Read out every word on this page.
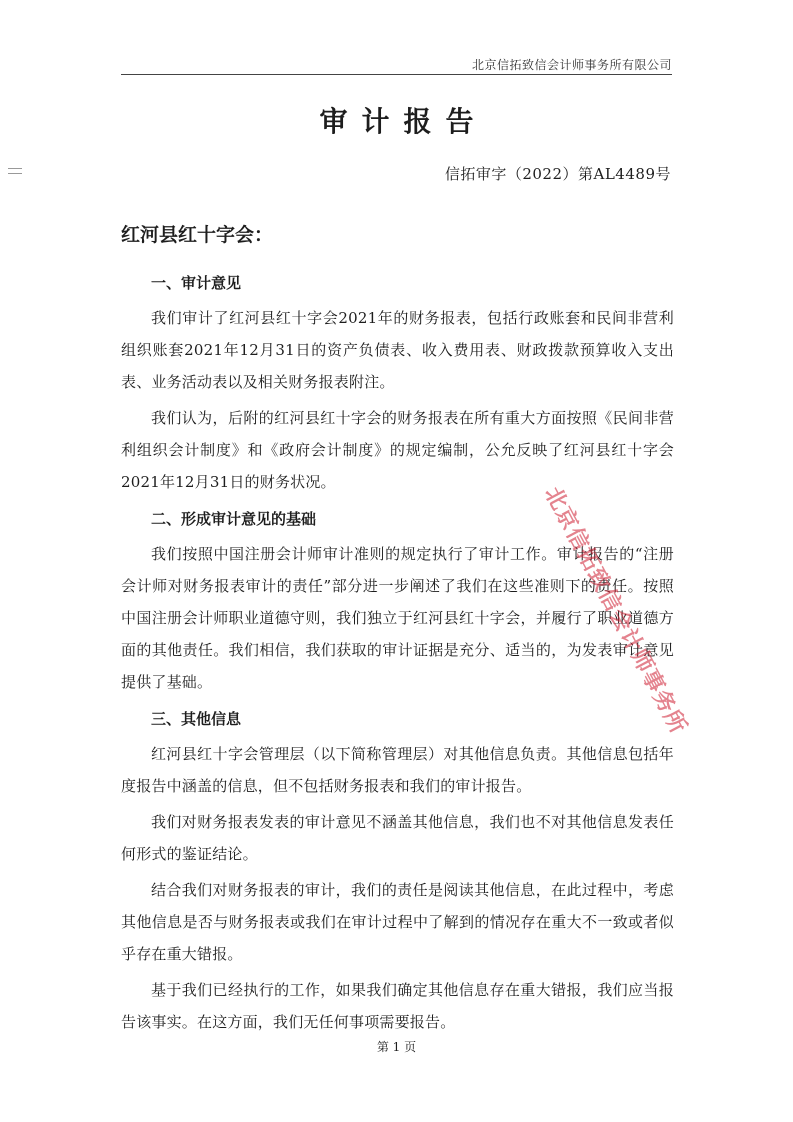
北京信拓致信会计师事务所有限公司
审计报告
信拓审字（2022）第AL4489号
红河县红十字会：
一、审计意见

我们审计了红河县红十字会2021年的财务报表，包括行政账套和民间非营利组织账套2021年12月31日的资产负债表、收入费用表、财政拨款预算收入支出表、业务活动表以及相关财务报表附注。

我们认为，后附的红河县红十字会的财务报表在所有重大方面按照《民间非营利组织会计制度》和《政府会计制度》的规定编制，公允反映了红河县红十字会2021年12月31日的财务状况。

二、形成审计意见的基础

我们按照中国注册会计师审计准则的规定执行了审计工作。审计报告的“注册会计师对财务报表审计的责任”部分进一步阐述了我们在这些准则下的责任。按照中国注册会计师职业道德守则，我们独立于红河县红十字会，并履行了职业道德方面的其他责任。我们相信，我们获取的审计证据是充分、适当的，为发表审计意见提供了基础。

三、其他信息

红河县红十字会管理层（以下简称管理层）对其他信息负责。其他信息包括年度报告中涵盖的信息，但不包括财务报表和我们的审计报告。

我们对财务报表发表的审计意见不涵盖其他信息，我们也不对其他信息发表任何形式的鉴证结论。

结合我们对财务报表的审计，我们的责任是阅读其他信息，在此过程中，考虑其他信息是否与财务报表或我们在审计过程中了解到的情况存在重大不一致或者似乎存在重大错报。

基于我们已经执行的工作，如果我们确定其他信息存在重大错报，我们应当报告该事实。在这方面，我们无任何事项需要报告。

北京信拓致信会计师事务所
第 1 页
